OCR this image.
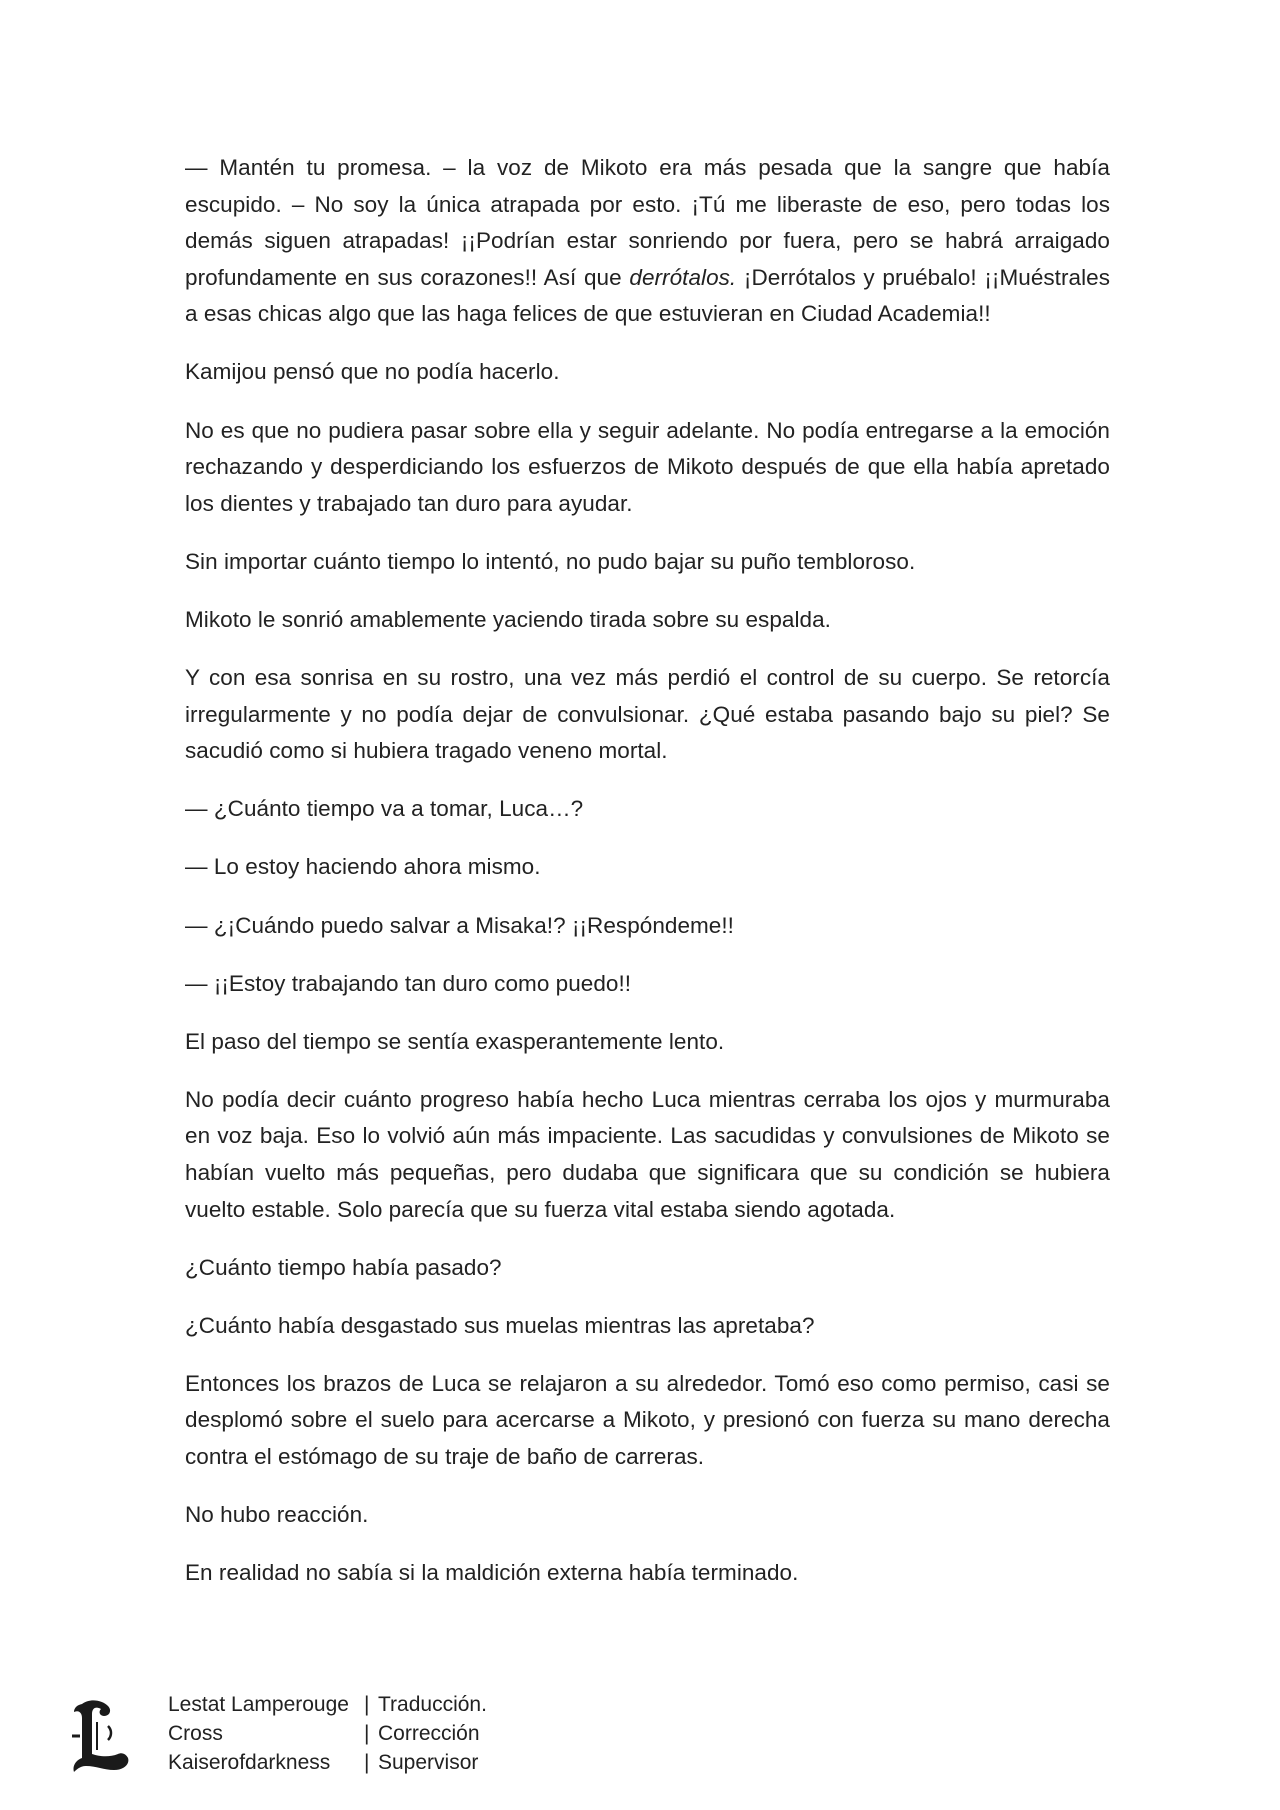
— Mantén tu promesa. – la voz de Mikoto era más pesada que la sangre que había escupido. – No soy la única atrapada por esto. ¡Tú me liberaste de eso, pero todas los demás siguen atrapadas! ¡¡Podrían estar sonriendo por fuera, pero se habrá arraigado profundamente en sus corazones!! Así que derrótalos. ¡Derrótalos y pruébalo! ¡¡Muéstrales a esas chicas algo que las haga felices de que estuvieran en Ciudad Academia!!

Kamijou pensó que no podía hacerlo.

No es que no pudiera pasar sobre ella y seguir adelante. No podía entregarse a la emoción rechazando y desperdiciando los esfuerzos de Mikoto después de que ella había apretado los dientes y trabajado tan duro para ayudar.

Sin importar cuánto tiempo lo intentó, no pudo bajar su puño tembloroso.

Mikoto le sonrió amablemente yaciendo tirada sobre su espalda.

Y con esa sonrisa en su rostro, una vez más perdió el control de su cuerpo. Se retorcía irregularmente y no podía dejar de convulsionar. ¿Qué estaba pasando bajo su piel? Se sacudió como si hubiera tragado veneno mortal.

— ¿Cuánto tiempo va a tomar, Luca…?

— Lo estoy haciendo ahora mismo.

— ¿¡Cuándo puedo salvar a Misaka!? ¡¡Respóndeme!!

— ¡¡Estoy trabajando tan duro como puedo!!

El paso del tiempo se sentía exasperantemente lento.

No podía decir cuánto progreso había hecho Luca mientras cerraba los ojos y murmuraba en voz baja. Eso lo volvió aún más impaciente. Las sacudidas y convulsiones de Mikoto se habían vuelto más pequeñas, pero dudaba que significara que su condición se hubiera vuelto estable. Solo parecía que su fuerza vital estaba siendo agotada.

¿Cuánto tiempo había pasado?

¿Cuánto había desgastado sus muelas mientras las apretaba?

Entonces los brazos de Luca se relajaron a su alrededor. Tomó eso como permiso, casi se desplomó sobre el suelo para acercarse a Mikoto, y presionó con fuerza su mano derecha contra el estómago de su traje de baño de carreras.

No hubo reacción.

En realidad no sabía si la maldición externa había terminado.

Lestat Lamperouge | Traducción.
Cross	| Corrección
Kaiserofdarkness	| Supervisor
